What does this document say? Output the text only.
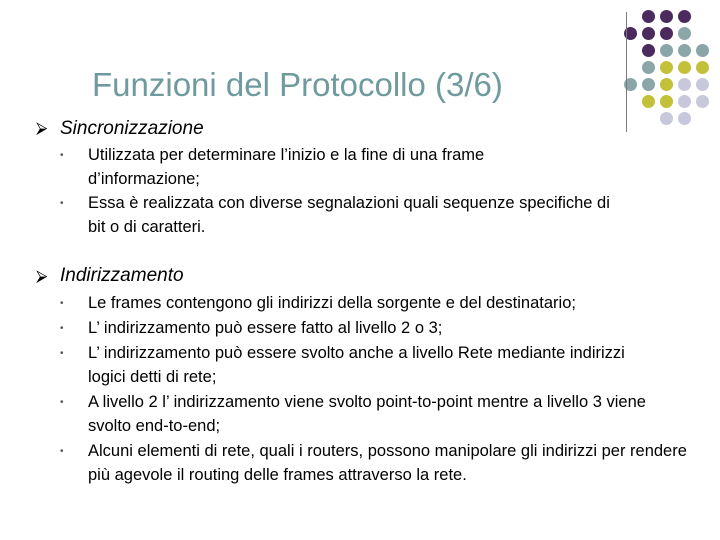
Funzioni del Protocollo (3/6)
⮚ Sincronizzazione
• Utilizzata per determinare l’inizio e la fine di una frame d’informazione;
• Essa è realizzata con diverse segnalazioni quali sequenze specifiche di bit o di caratteri.
⮚ Indirizzamento
• Le frames contengono gli indirizzi della sorgente e del destinatario;
• L’ indirizzamento può essere fatto al livello 2 o 3;
• L’ indirizzamento può essere svolto anche a livello Rete mediante indirizzi logici detti di rete;
• A livello 2 l’ indirizzamento viene svolto point-to-point mentre a livello 3 viene svolto end-to-end;
• Alcuni elementi di rete, quali i routers, possono manipolare gli indirizzi per rendere più agevole il routing delle frames attraverso la rete.
